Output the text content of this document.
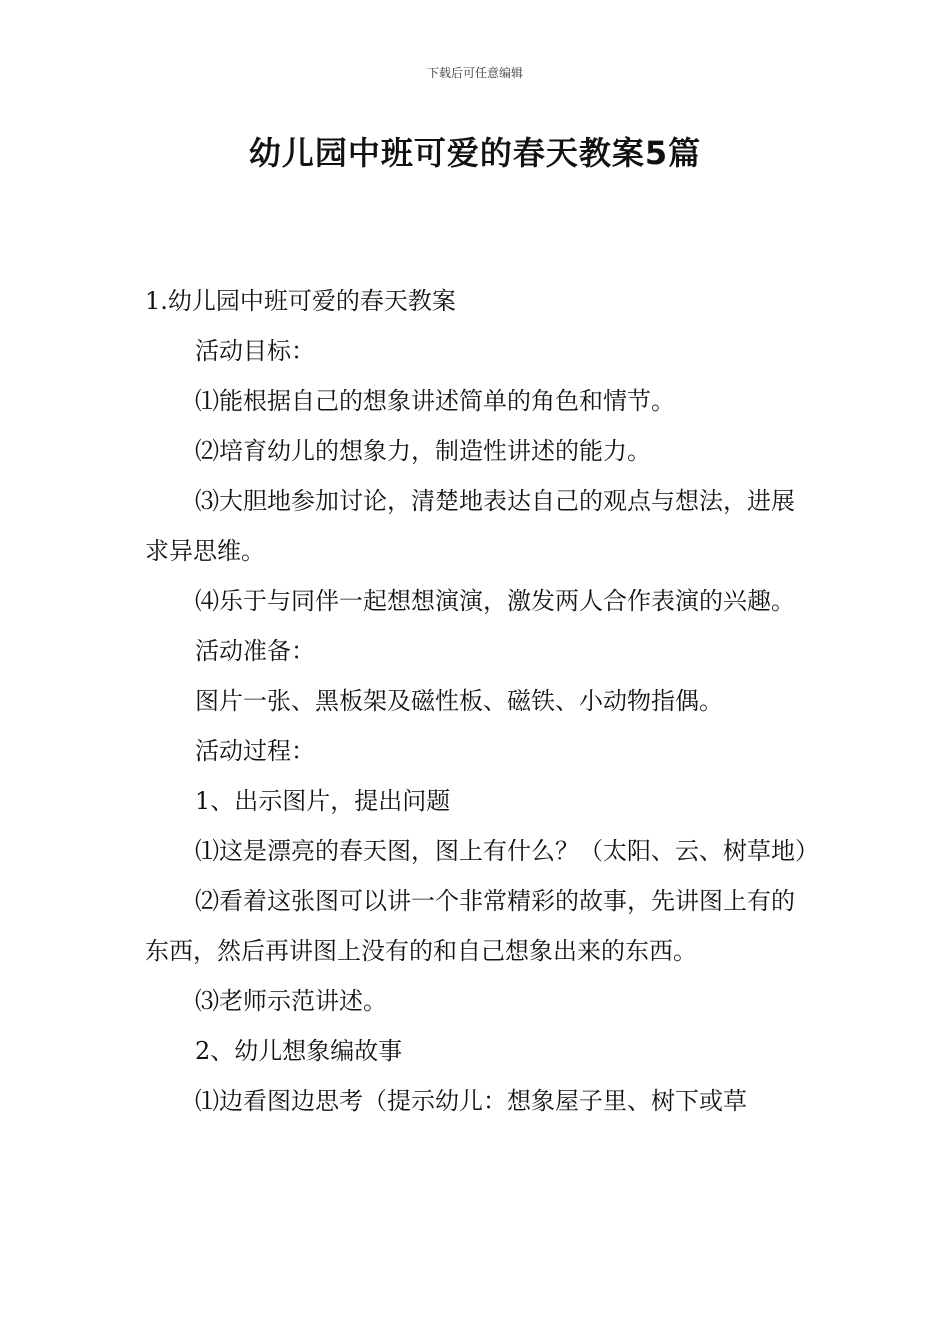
下载后可任意编辑
幼儿园中班可爱的春天教案5篇

1.幼儿园中班可爱的春天教案

活动目标：

⑴能根据自己的想象讲述简单的角色和情节。

⑵培育幼儿的想象力，制造性讲述的能力。

⑶大胆地参加讨论，清楚地表达自己的观点与想法，进展求异思维。

⑷乐于与同伴一起想想演演，激发两人合作表演的兴趣。

活动准备：

图片一张、黑板架及磁性板、磁铁、小动物指偶。

活动过程：

1、出示图片，提出问题

⑴这是漂亮的春天图，图上有什么？（太阳、云、树草地）

⑵看着这张图可以讲一个非常精彩的故事，先讲图上有的东西，然后再讲图上没有的和自己想象出来的东西。

⑶老师示范讲述。

2、幼儿想象编故事

⑴边看图边思考（提示幼儿：想象屋子里、树下或草
